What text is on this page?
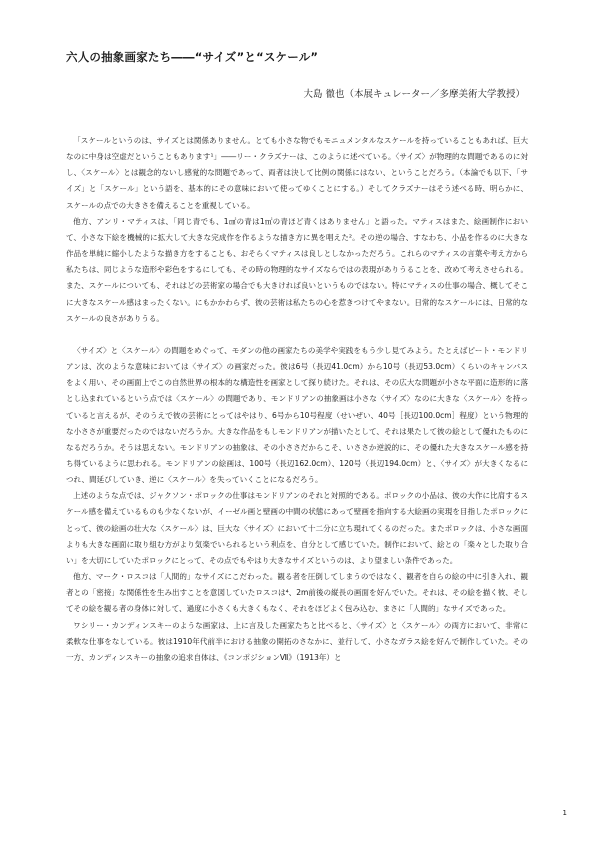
六人の抽象画家たち――“サイズ”と“スケール”
大島 徹也（本展キュレーター／多摩美術大学教授）

「スケールというのは、サイズとは関係ありません。とても小さな物でもモニュメンタルなスケールを持っていることもあれば、巨大なのに中身は空虚だということもあります¹」――リー・クラズナーは、このように述べている。〈サイズ〉が物理的な問題であるのに対し、〈スケール〉とは観念的ないし感覚的な問題であって、両者は決して比例の関係にはない、ということだろう。（本論でも以下、「サイズ」と「スケール」という語を、基本的にその意味において使ってゆくことにする。）そしてクラズナーはそう述べる時、明らかに、スケールの点での大きさを備えることを重視している。

他方、アンリ・マティスは、「同じ青でも、1㎠の青は1㎡の青ほど青くはありません」と語った。マティスはまた、絵画制作において、小さな下絵を機械的に拡大して大きな完成作を作るような描き方に異を唱えた²。その逆の場合、すなわち、小品を作るのに大きな作品を単純に縮小したような描き方をすることも、おそらくマティスは良しとしなかっただろう。これらのマティスの言葉や考え方から私たちは、同じような造形や彩色をするにしても、その時の物理的なサイズならではの表現がありうることを、改めて考えさせられる。また、スケールについても、それはどの芸術家の場合でも大きければ良いというものではない。特にマティスの仕事の場合、概してそこに大きなスケール感はまったくない。にもかかわらず、彼の芸術は私たちの心を惹きつけてやまない。日常的なスケールには、日常的なスケールの良さがありうる。

〈サイズ〉と〈スケール〉の問題をめぐって、モダンの他の画家たちの美学や実践をもう少し見てみよう。たとえばピート・モンドリアンは、次のような意味においては〈サイズ〉の画家だった。彼は6号（長辺41.0cm）から10号（長辺53.0cm）くらいのキャンバスをよく用い、その画面上でこの自然世界の根本的な構造性を画家として探り続けた。それは、その広大な問題が小さな平面に造形的に落とし込まれているという点では〈スケール〉の問題であり、モンドリアンの抽象画は小さな〈サイズ〉なのに大きな〈スケール〉を持っていると言えるが、そのうえで彼の芸術にとってはやはり、6号から10号程度（せいぜい、40号［長辺100.0cm］程度）という物理的な小ささが重要だったのではないだろうか。大きな作品をもしモンドリアンが描いたとして、それは果たして彼の絵として優れたものになるだろうか。そうは思えない。モンドリアンの抽象は、その小ささだからこそ、いささか逆説的に、その優れた大きなスケール感を持ち得ているように思われる。モンドリアンの絵画は、100号（長辺162.0cm）、120号（長辺194.0cm）と、〈サイズ〉が大きくなるにつれ、間延びしていき、逆に〈スケール〉を失っていくことになるだろう。

上述のような点では、ジャクソン・ポロックの仕事はモンドリアンのそれと対照的である。ポロックの小品は、彼の大作に比肩するスケール感を備えているものも少なくないが、イーゼル画と壁画の中間の状態にあって壁画を指向する大絵画の実現を目指したポロックにとって、彼の絵画の壮大な〈スケール〉は、巨大な〈サイズ〉において十二分に立ち現れてくるのだった。またポロックは、小さな画面よりも大きな画面に取り組む方がより気楽でいられるという利点を、自分として感じていた。制作において、絵との「楽々とした取り合い」を大切にしていたポロックにとって、その点でもやはり大きなサイズというのは、より望ましい条件であった。

他方、マーク・ロスコは「人間的」なサイズにこだわった。観る者を圧倒してしまうのではなく、観者を自らの絵の中に引き入れ、観者との「密接」な関係性を生み出すことを意図していたロスコは⁴、2m前後の縦長の画面を好んでいた。それは、その絵を描く彼、そしてその絵を観る者の身体に対して、過度に小さくも大きくもなく、それをほどよく包み込む、まさに「人間的」なサイズであった。

ワシリー・カンディンスキーのような画家は、上に言及した画家たちと比べると、〈サイズ〉と〈スケール〉の両方において、非常に柔軟な仕事をなしている。彼は1910年代前半における抽象の開拓のさなかに、並行して、小さなガラス絵を好んで制作していた。その一方、カンディンスキーの抽象の追求自体は、《コンポジションⅦ》（1913年）と

1
